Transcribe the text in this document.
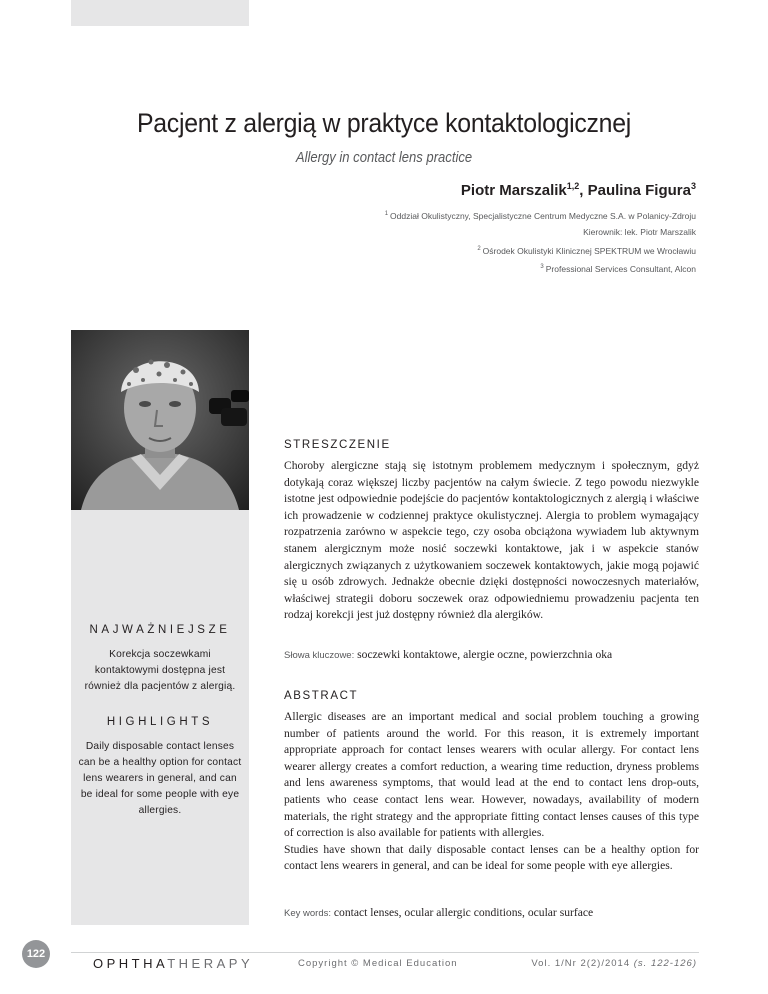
Pacjent z alergią w praktyce kontaktologicznej
Allergy in contact lens practice
Piotr Marszalik$^{1,2}$, Paulina Figura$^3$
$^1$ Oddział Okulistyczny, Specjalistyczne Centrum Medyczne S.A. w Polanicy-Zdroju
Kierownik: lek. Piotr Marszalik
$^2$ Ośrodek Okulistyki Klinicznej SPEKTRUM we Wrocławiu
$^3$ Professional Services Consultant, Alcon
NAJWAŻNIEJSZE
Korekcja soczewkami kontaktowymi dostępna jest również dla pacjentów z alergią.
HIGHLIGHTS
Daily disposable contact lenses can be a healthy option for contact lens wearers in general, and can be ideal for some people with eye allergies.
STRESZCZENIE
Choroby alergiczne stają się istotnym problemem medycznym i społecznym, gdyż dotykają coraz większej liczby pacjentów na całym świecie. Z tego powodu niezwykle istotne jest odpowiednie podejście do pacjentów kontaktologicznych z alergią i właściwe ich prowadzenie w codziennej praktyce okulistycznej. Alergia to problem wymagający rozpatrzenia zarówno w aspekcie tego, czy osoba obciążona wywiadem lub aktywnym stanem alergicznym może nosić soczewki kontaktowe, jak i w aspekcie stanów alergicznych związanych z użytkowaniem soczewek kontaktowych, jakie mogą pojawić się u osób zdrowych. Jednakże obecnie dzięki dostępności nowoczesnych materiałów, właściwej strategii doboru soczewek oraz odpowiedniemu prowadzeniu pacjenta ten rodzaj korekcji jest już dostępny również dla alergików.
Słowa kluczowe: soczewki kontaktowe, alergie oczne, powierzchnia oka
ABSTRACT
Allergic diseases are an important medical and social problem touching a growing number of patients around the world. For this reason, it is extremely important appropriate approach for contact lenses wearers with ocular allergy. For contact lens wearer allergy creates a comfort reduction, a wearing time reduction, dryness problems and lens awareness symptoms, that would lead at the end to contact lens drop-outs, patients who cease contact lens wear. However, nowadays, availability of modern materials, the right strategy and the appropriate fitting contact lenses causes of this type of correction is also available for patients with allergies.
Studies have shown that daily disposable contact lenses can be a healthy option for contact lens wearers in general, and can be ideal for some people with eye allergies.
Key words: contact lenses, ocular allergic conditions, ocular surface
122
OPHTHATHERAPY	Copyright © Medical Education	Vol. 1/Nr 2(2)/2014 (s. 122-126)
